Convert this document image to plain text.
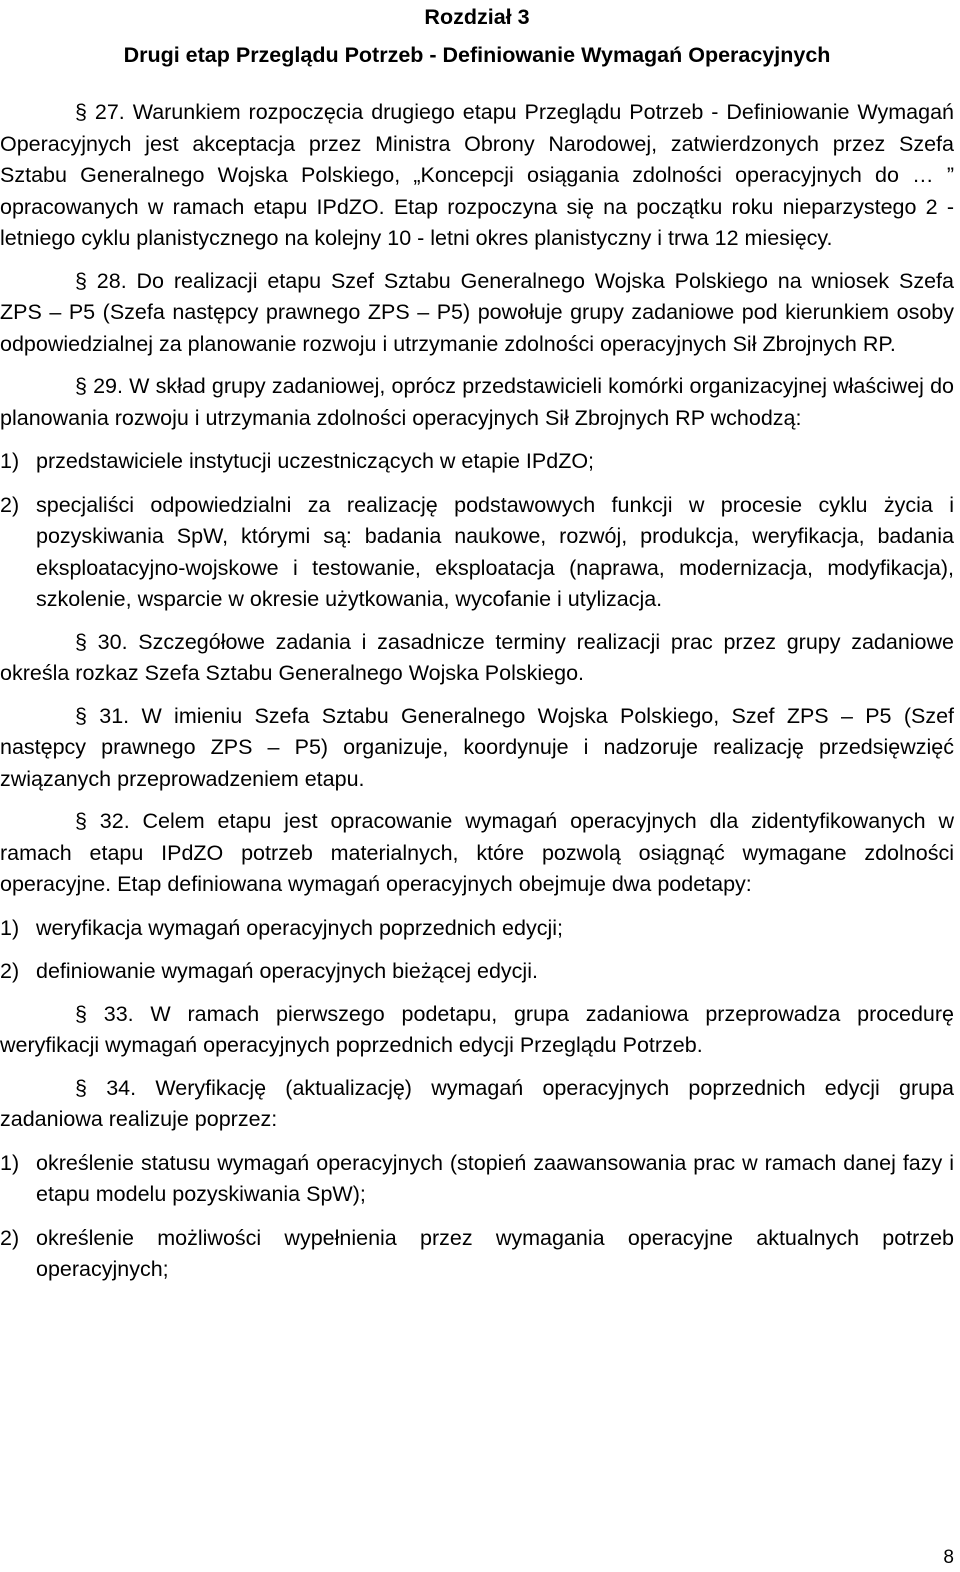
Rozdział 3
Drugi etap Przeglądu Potrzeb - Definiowanie Wymagań Operacyjnych

§ 27. Warunkiem rozpoczęcia drugiego etapu Przeglądu Potrzeb - Definiowanie Wymagań Operacyjnych jest akceptacja przez Ministra Obrony Narodowej, zatwierdzonych przez Szefa Sztabu Generalnego Wojska Polskiego, „Koncepcji osiągania zdolności operacyjnych do … ” opracowanych w ramach etapu IPdZO. Etap rozpoczyna się na początku roku nieparzystego 2 - letniego cyklu planistycznego na kolejny 10 - letni okres planistyczny i trwa 12 miesięcy.

§ 28. Do realizacji etapu Szef Sztabu Generalnego Wojska Polskiego na wniosek Szefa ZPS – P5 (Szefa następcy prawnego ZPS – P5) powołuje grupy zadaniowe pod kierunkiem osoby odpowiedzialnej za planowanie rozwoju i utrzymanie zdolności operacyjnych Sił Zbrojnych RP.

§ 29. W skład grupy zadaniowej, oprócz przedstawicieli komórki organizacyjnej właściwej do planowania rozwoju i utrzymania zdolności operacyjnych Sił Zbrojnych RP wchodzą:

1) przedstawiciele instytucji uczestniczących w etapie IPdZO;
2) specjaliści odpowiedzialni za realizację podstawowych funkcji w procesie cyklu życia i pozyskiwania SpW, którymi są: badania naukowe, rozwój, produkcja, weryfikacja, badania eksploatacyjno-wojskowe i testowanie, eksploatacja (naprawa, modernizacja, modyfikacja), szkolenie, wsparcie w okresie użytkowania, wycofanie i utylizacja.

§ 30. Szczegółowe zadania i zasadnicze terminy realizacji prac przez grupy zadaniowe określa rozkaz Szefa Sztabu Generalnego Wojska Polskiego.

§ 31. W imieniu Szefa Sztabu Generalnego Wojska Polskiego, Szef ZPS – P5 (Szef następcy prawnego ZPS – P5) organizuje, koordynuje i nadzoruje realizację przedsięwzięć związanych przeprowadzeniem etapu.

§ 32. Celem etapu jest opracowanie wymagań operacyjnych dla zidentyfikowanych w ramach etapu IPdZO potrzeb materialnych, które pozwolą osiągnąć wymagane zdolności operacyjne. Etap definiowana wymagań operacyjnych obejmuje dwa podetapy:

1) weryfikacja wymagań operacyjnych poprzednich edycji;
2) definiowanie wymagań operacyjnych bieżącej edycji.

§ 33. W ramach pierwszego podetapu, grupa zadaniowa przeprowadza procedurę weryfikacji wymagań operacyjnych poprzednich edycji Przeglądu Potrzeb.

§ 34. Weryfikację (aktualizację) wymagań operacyjnych poprzednich edycji grupa zadaniowa realizuje poprzez:

1) określenie statusu wymagań operacyjnych (stopień zaawansowania prac w ramach danej fazy i etapu modelu pozyskiwania SpW);
2) określenie możliwości wypełnienia przez wymagania operacyjne aktualnych potrzeb operacyjnych;
8
